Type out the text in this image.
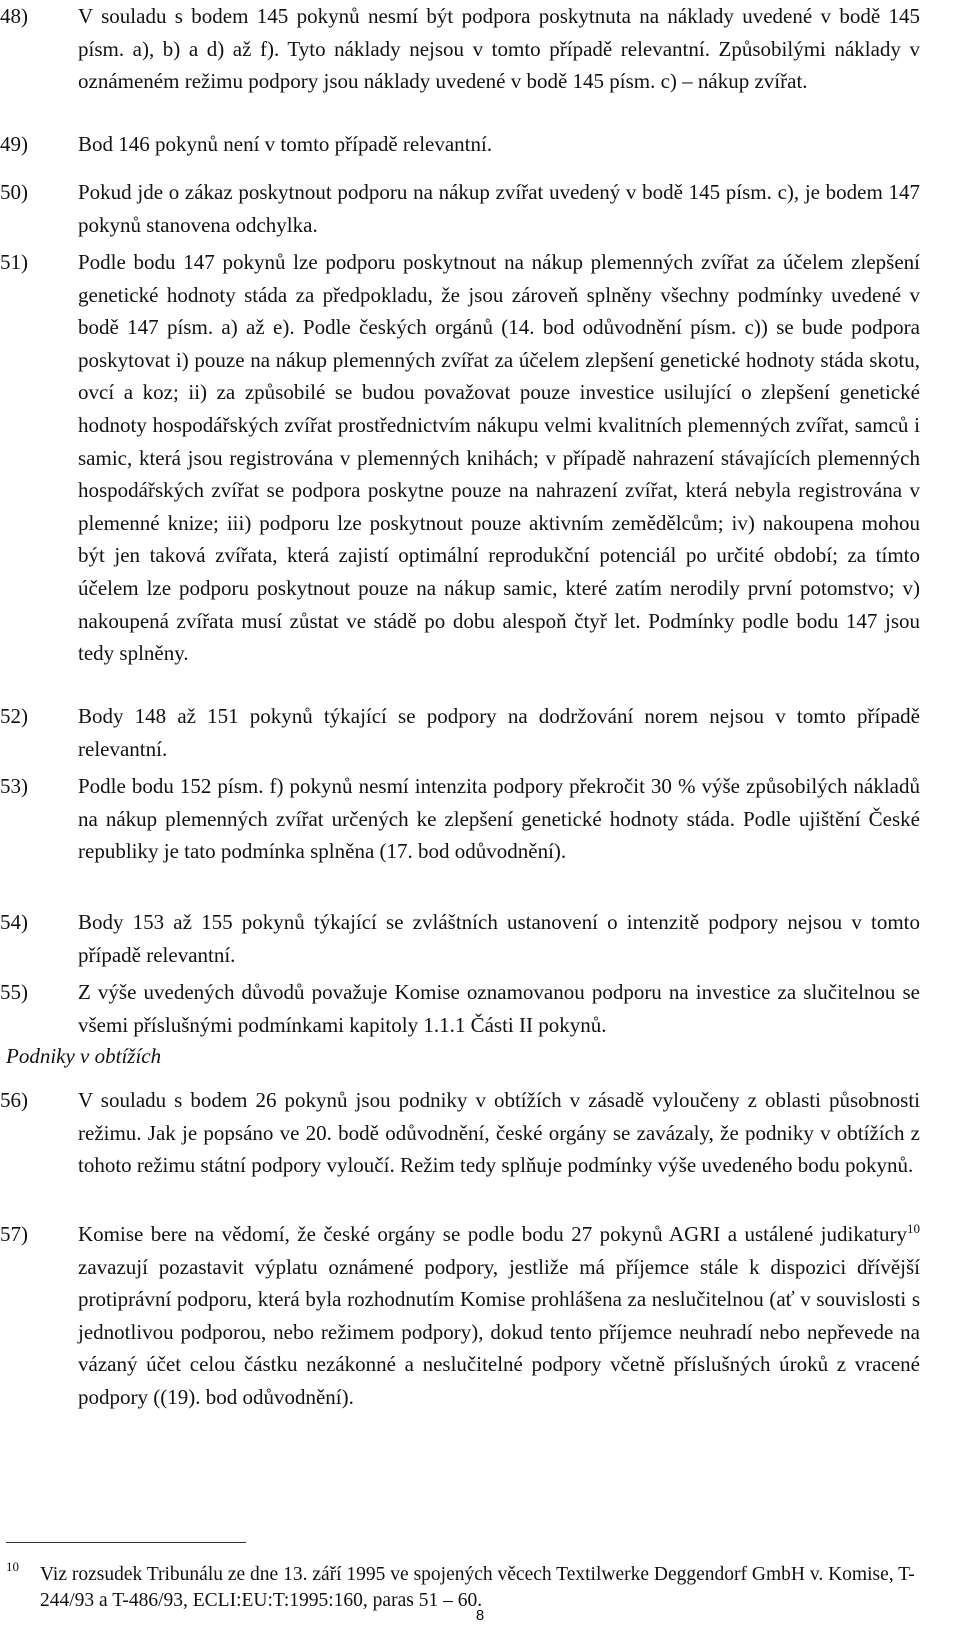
48)	V souladu s bodem 145 pokynů nesmí být podpora poskytnuta na náklady uvedené v bodě 145 písm. a), b) a d) až f). Tyto náklady nejsou v tomto případě relevantní. Způsobilými náklady v oznámeném režimu podpory jsou náklady uvedené v bodě 145 písm. c) – nákup zvířat.
49)	Bod 146 pokynů není v tomto případě relevantní.
50)	Pokud jde o zákaz poskytnout podporu na nákup zvířat uvedený v bodě 145 písm. c), je bodem 147 pokynů stanovena odchylka.
51)	Podle bodu 147 pokynů lze podporu poskytnout na nákup plemenných zvířat za účelem zlepšení genetické hodnoty stáda za předpokladu, že jsou zároveň splněny všechny podmínky uvedené v bodě 147 písm. a) až e). Podle českých orgánů (14. bod odůvodnění písm. c)) se bude podpora poskytovat i) pouze na nákup plemenných zvířat za účelem zlepšení genetické hodnoty stáda skotu, ovcí a koz; ii) za způsobilé se budou považovat pouze investice usilující o zlepšení genetické hodnoty hospodářských zvířat prostřednictvím nákupu velmi kvalitních plemenných zvířat, samců i samic, která jsou registrována v plemenných knihách; v případě nahrazení stávajících plemenných hospodářských zvířat se podpora poskytne pouze na nahrazení zvířat, která nebyla registrována v plemenné knize; iii) podporu lze poskytnout pouze aktivním zemědělcům; iv) nakoupena mohou být jen taková zvířata, která zajistí optimální reprodukční potenciál po určité období; za tímto účelem lze podporu poskytnout pouze na nákup samic, které zatím nerodily první potomstvo; v) nakoupená zvířata musí zůstat ve stádě po dobu alespoň čtyř let. Podmínky podle bodu 147 jsou tedy splněny.
52)	Body 148 až 151 pokynů týkající se podpory na dodržování norem nejsou v tomto případě relevantní.
53)	Podle bodu 152 písm. f) pokynů nesmí intenzita podpory překročit 30 % výše způsobilých nákladů na nákup plemenných zvířat určených ke zlepšení genetické hodnoty stáda. Podle ujištění České republiky je tato podmínka splněna (17. bod odůvodnění).
54)	Body 153 až 155 pokynů týkající se zvláštních ustanovení o intenzitě podpory nejsou v tomto případě relevantní.
55)	Z výše uvedených důvodů považuje Komise oznamovanou podporu na investice za slučitelnou se všemi příslušnými podmínkami kapitoly 1.1.1 Části II pokynů.
Podniky v obtížích
56)	V souladu s bodem 26 pokynů jsou podniky v obtížích v zásadě vyloučeny z oblasti působnosti režimu. Jak je popsáno ve 20. bodě odůvodnění, české orgány se zavázaly, že podniky v obtížích z tohoto režimu státní podpory vyloučí. Režim tedy splňuje podmínky výše uvedeného bodu pokynů.
57)	Komise bere na vědomí, že české orgány se podle bodu 27 pokynů AGRI a ustálené judikatury$^{10}$ zavazují pozastavit výplatu oznámené podpory, jestliže má příjemce stále k dispozici dřívější protiprávní podporu, která byla rozhodnutím Komise prohlášena za neslučitelnou (ať v souvislosti s jednotlivou podporou, nebo režimem podpory), dokud tento příjemce neuhradí nebo nepřevede na vázaný účet celou částku nezákonné a neslučitelné podpory včetně příslušných úroků z vracené podpory ((19). bod odůvodnění).
10 Viz rozsudek Tribunálu ze dne 13. září 1995 ve spojených věcech Textilwerke Deggendorf GmbH v. Komise, T-244/93 a T-486/93, ECLI:EU:T:1995:160, paras 51 – 60.
8
